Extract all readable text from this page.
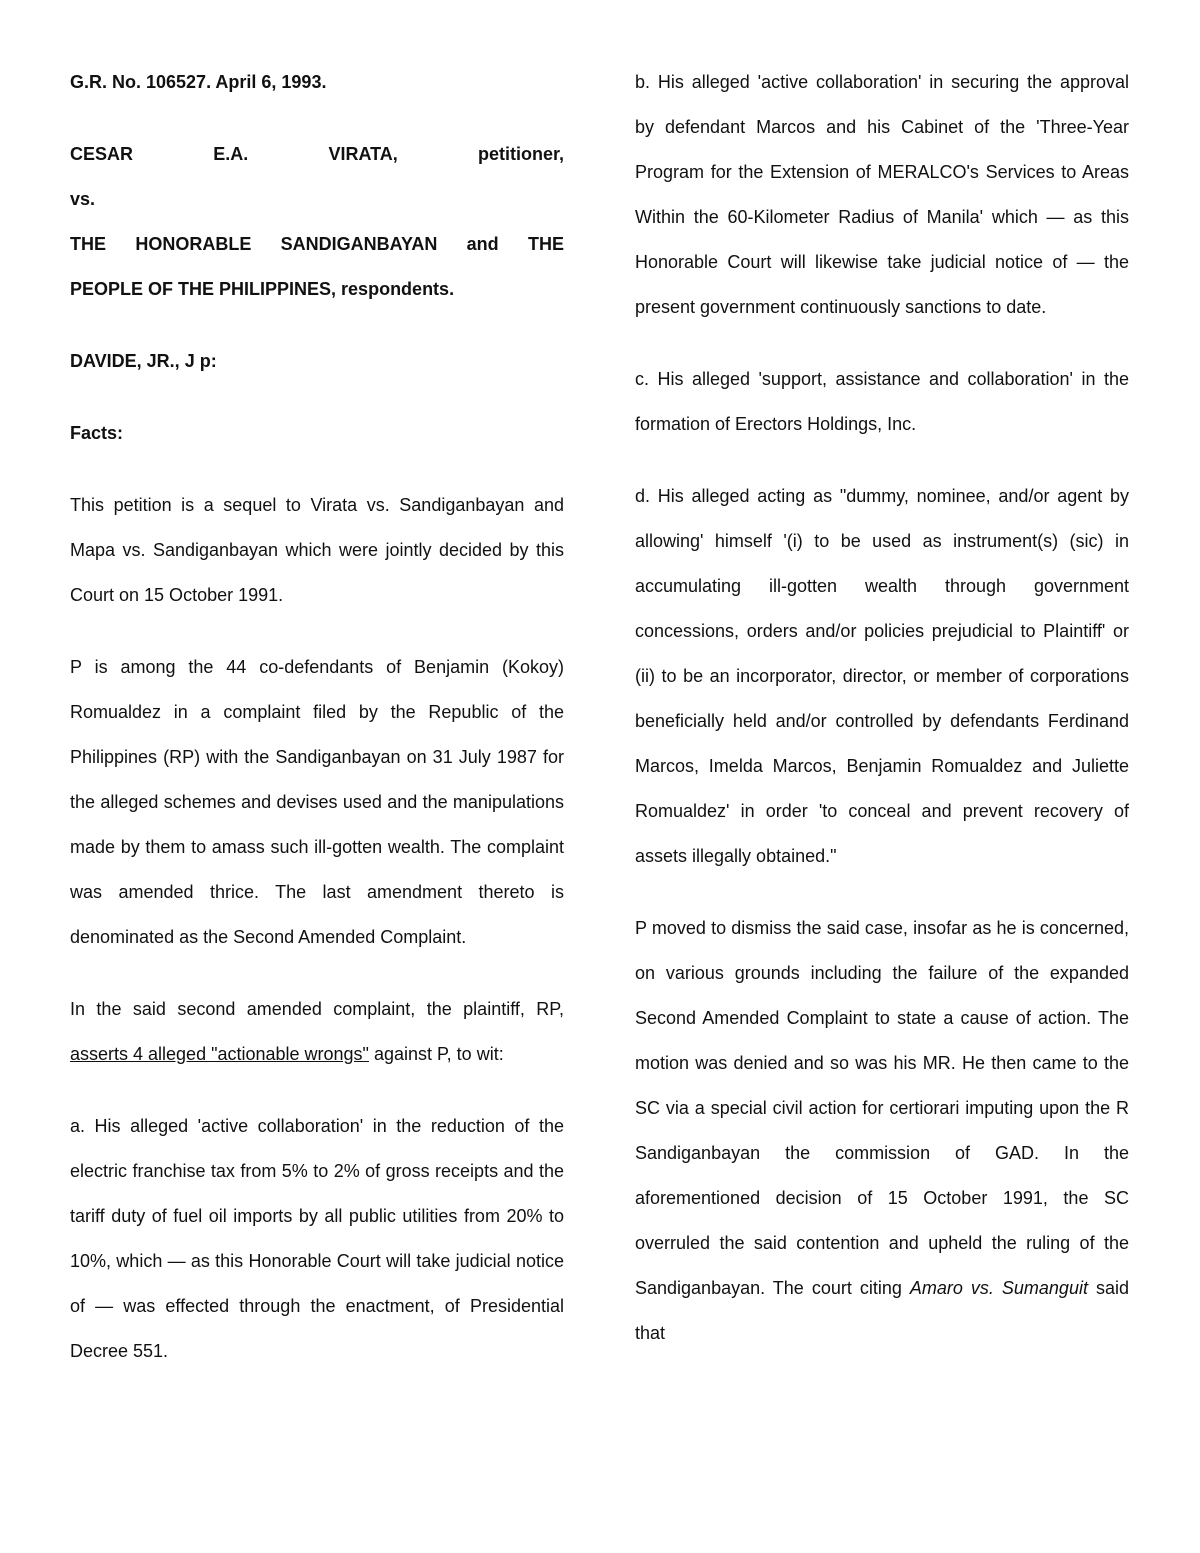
G.R. No. 106527. April 6, 1993.

CESAR	E.A.	VIRATA,	petitioner,
vs.
THE HONORABLE SANDIGANBAYAN and THE
PEOPLE OF THE PHILIPPINES, respondents.

DAVIDE, JR., J p:

Facts:

This petition is a sequel to Virata vs. Sandiganbayan and Mapa vs. Sandiganbayan which were jointly decided by this Court on 15 October 1991.

P is among the 44 co-defendants of Benjamin (Kokoy) Romualdez in a complaint filed by the Republic of the Philippines (RP) with the Sandiganbayan on 31 July 1987 for the alleged schemes and devises used and the manipulations made by them to amass such ill-gotten wealth. The complaint was amended thrice. The last amendment thereto is denominated as the Second Amended Complaint.

In the said second amended complaint, the plaintiff, RP,
asserts 4 alleged "actionable wrongs" against P, to wit:

a. His alleged 'active collaboration' in the reduction of the electric franchise tax from 5% to 2% of gross receipts and the tariff duty of fuel oil imports by all public utilities from 20% to 10%, which — as this Honorable Court will take judicial notice of — was effected through the enactment, of Presidential Decree 551.

b. His alleged 'active collaboration' in securing the approval by defendant Marcos and his Cabinet of the 'Three-Year Program for the Extension of MERALCO's Services to Areas Within the 60-Kilometer Radius of Manila' which — as this Honorable Court will likewise take judicial notice of — the present government continuously sanctions to date.

c. His alleged 'support, assistance and collaboration' in the formation of Erectors Holdings, Inc.

d. His alleged acting as "dummy, nominee, and/or agent by allowing' himself '(i) to be used as instrument(s) (sic) in accumulating ill-gotten wealth through government concessions, orders and/or policies prejudicial to Plaintiff' or (ii) to be an incorporator, director, or member of corporations beneficially held and/or controlled by defendants Ferdinand Marcos, Imelda Marcos, Benjamin Romualdez and Juliette Romualdez' in order 'to conceal and prevent recovery of assets illegally obtained."

P moved to dismiss the said case, insofar as he is concerned, on various grounds including the failure of the expanded Second Amended Complaint to state a cause of action. The motion was denied and so was his MR. He then came to the SC via a special civil action for certiorari imputing upon the R Sandiganbayan the commission of GAD. In the aforementioned decision of 15 October 1991, the SC overruled the said contention and upheld the ruling of the Sandiganbayan. The court citing Amaro vs. Sumanguit said that
